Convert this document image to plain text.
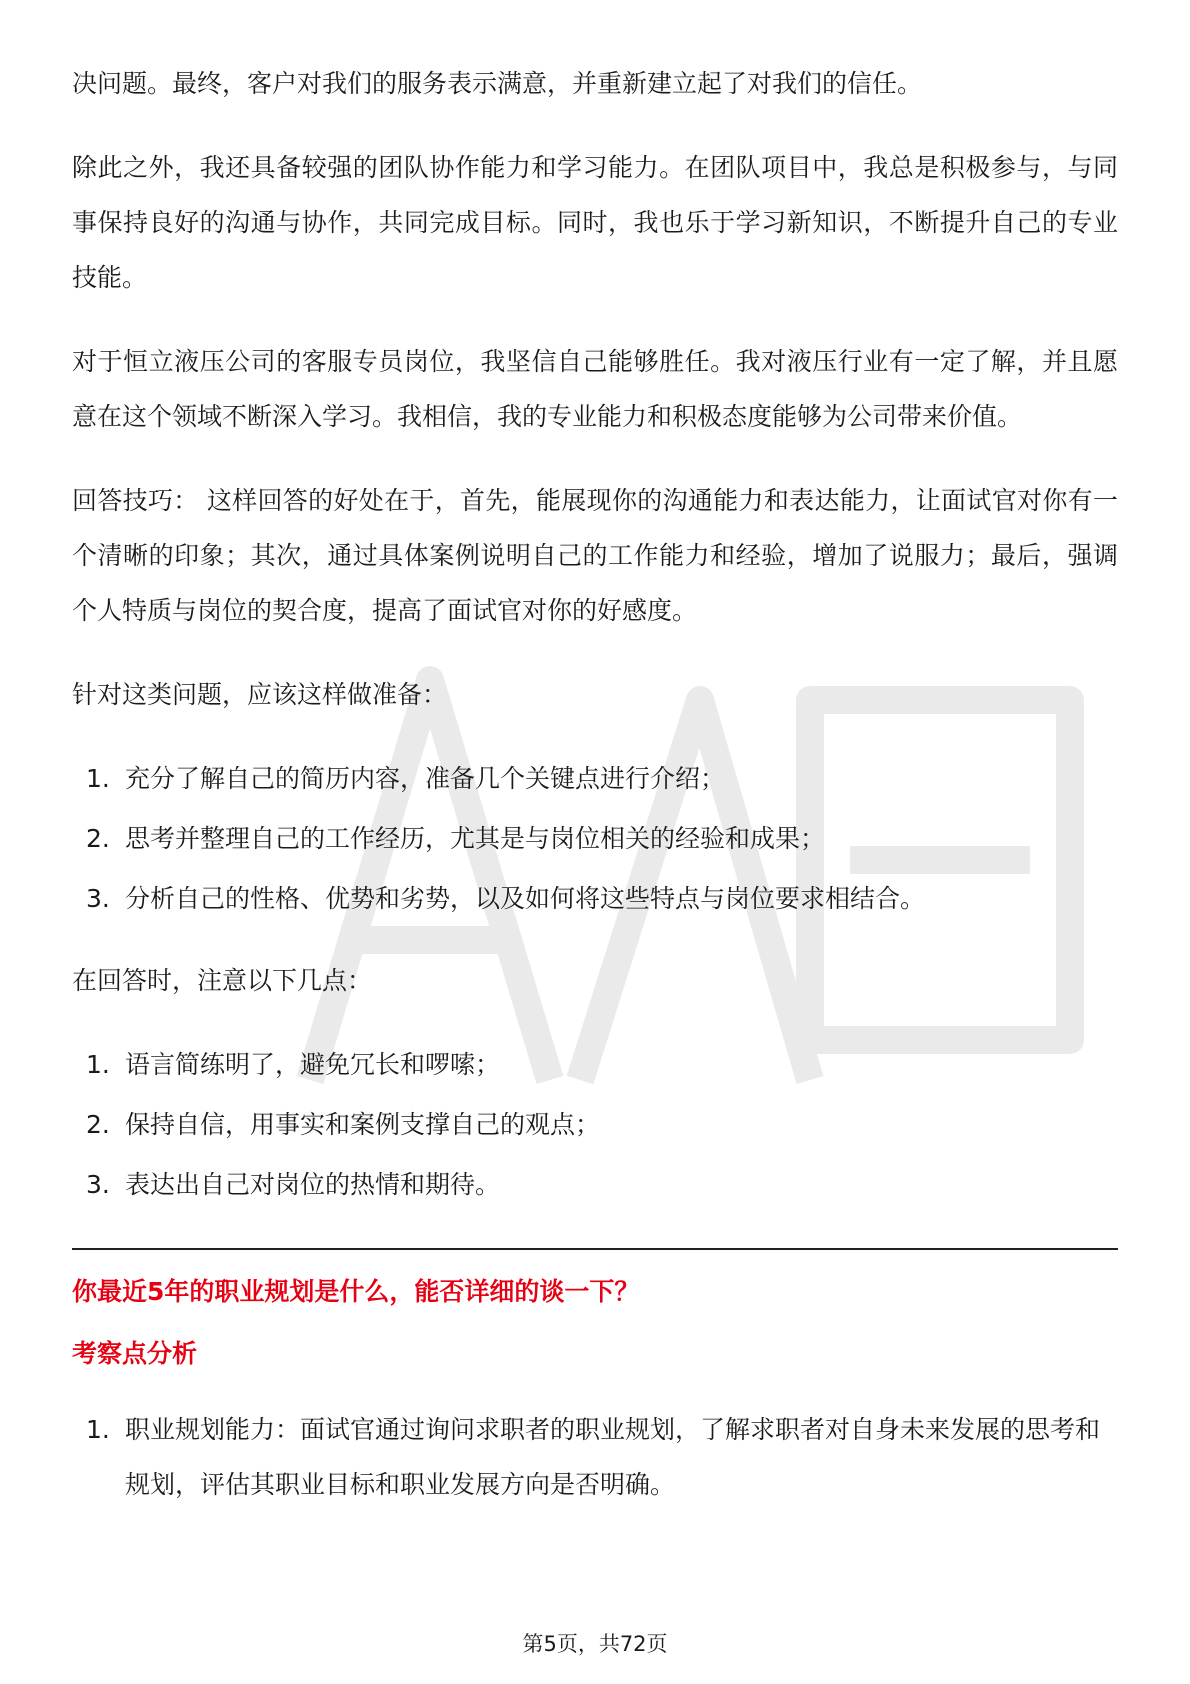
决问题。最终，客户对我们的服务表示满意，并重新建立起了对我们的信任。

除此之外，我还具备较强的团队协作能力和学习能力。在团队项目中，我总是积极参与，与同事保持良好的沟通与协作，共同完成目标。同时，我也乐于学习新知识，不断提升自己的专业技能。

对于恒立液压公司的客服专员岗位，我坚信自己能够胜任。我对液压行业有一定了解，并且愿意在这个领域不断深入学习。我相信，我的专业能力和积极态度能够为公司带来价值。

回答技巧： 这样回答的好处在于，首先，能展现你的沟通能力和表达能力，让面试官对你有一个清晰的印象；其次，通过具体案例说明自己的工作能力和经验，增加了说服力；最后，强调个人特质与岗位的契合度，提高了面试官对你的好感度。

针对这类问题，应该这样做准备：

1. 充分了解自己的简历内容，准备几个关键点进行介绍；
2. 思考并整理自己的工作经历，尤其是与岗位相关的经验和成果；
3. 分析自己的性格、优势和劣势，以及如何将这些特点与岗位要求相结合。

在回答时，注意以下几点：

1. 语言简练明了，避免冗长和啰嗦；
2. 保持自信，用事实和案例支撑自己的观点；
3. 表达出自己对岗位的热情和期待。
你最近5年的职业规划是什么，能否详细的谈一下？
考察点分析
1. 职业规划能力：面试官通过询问求职者的职业规划，了解求职者对自身未来发展的思考和规划，评估其职业目标和职业发展方向是否明确。
第5页，共72页
